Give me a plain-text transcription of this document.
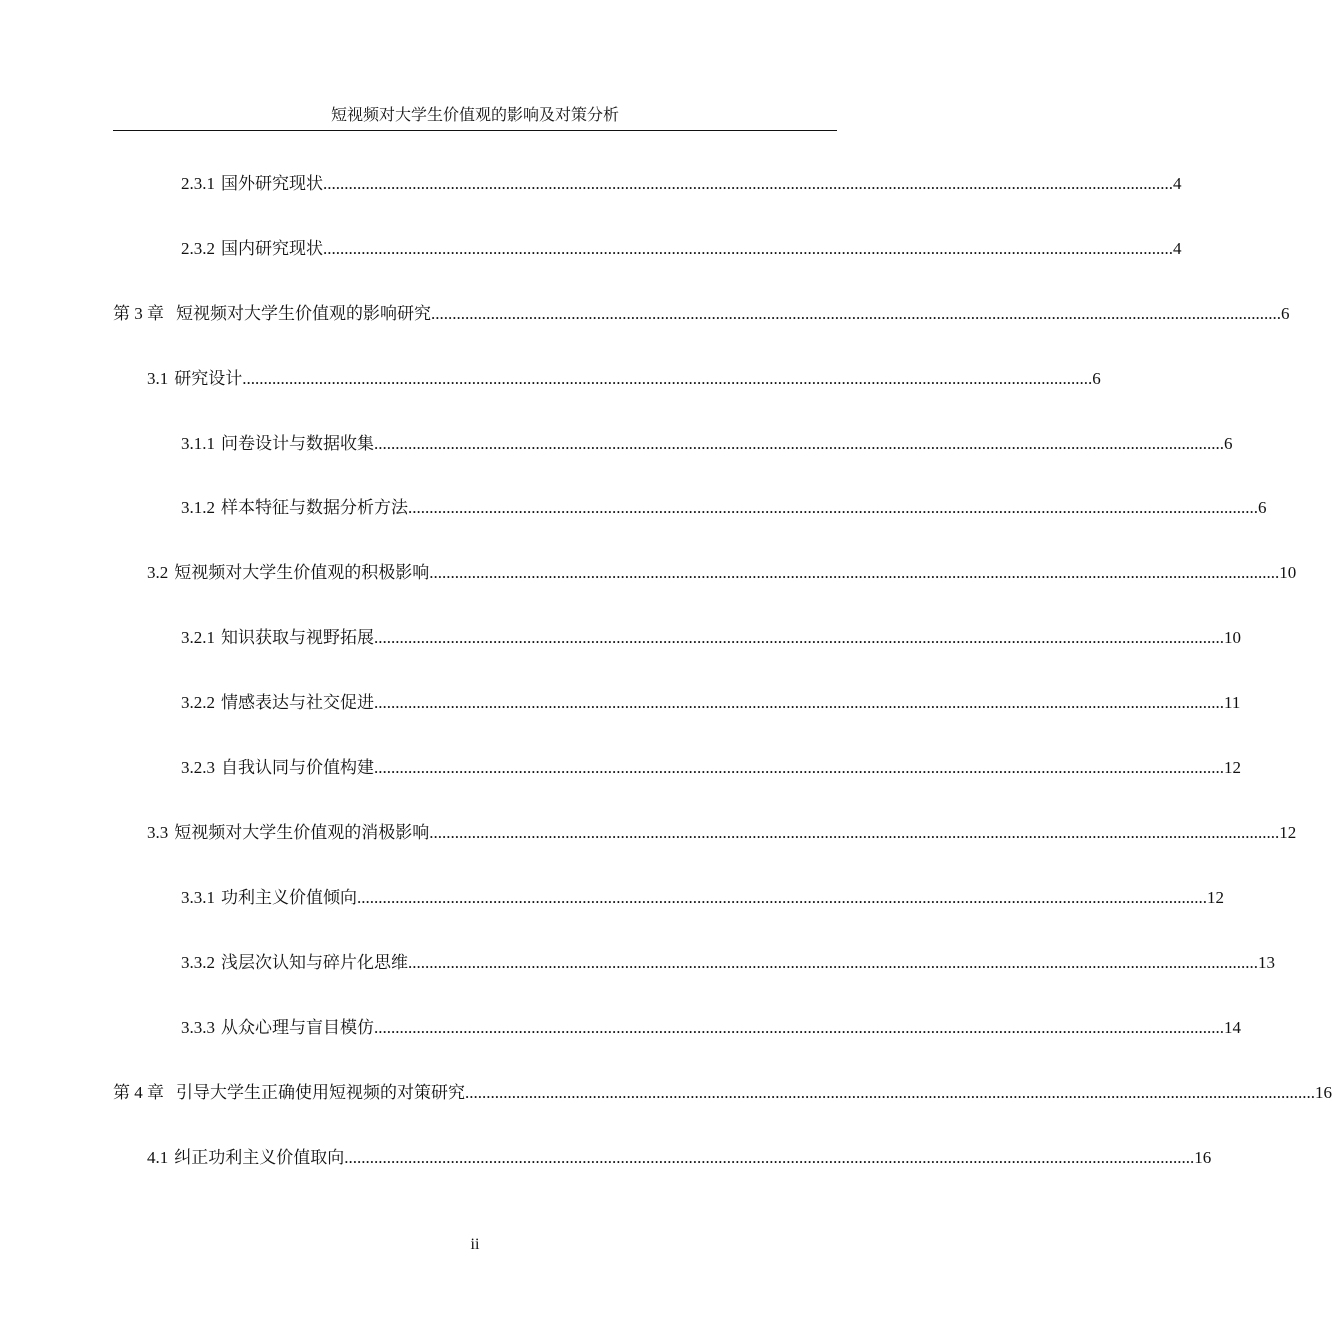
短视频对大学生价值观的影响及对策分析
2.3.1 国外研究现状 ........................................................................................................................................................................................................ 4
2.3.2 国内研究现状 ........................................................................................................................................................................................................ 4
第 3 章 短视频对大学生价值观的影响研究 ........................................................................................................................................................................................................ 6
3.1 研究设计 ........................................................................................................................................................................................................ 6
3.1.1 问卷设计与数据收集 ........................................................................................................................................................................................................ 6
3.1.2 样本特征与数据分析方法 ........................................................................................................................................................................................................ 6
3.2 短视频对大学生价值观的积极影响 ........................................................................................................................................................................................................ 10
3.2.1 知识获取与视野拓展 ........................................................................................................................................................................................................ 10
3.2.2 情感表达与社交促进 ........................................................................................................................................................................................................ 11
3.2.3 自我认同与价值构建 ........................................................................................................................................................................................................ 12
3.3 短视频对大学生价值观的消极影响 ........................................................................................................................................................................................................ 12
3.3.1 功利主义价值倾向 ........................................................................................................................................................................................................ 12
3.3.2 浅层次认知与碎片化思维 ........................................................................................................................................................................................................ 13
3.3.3 从众心理与盲目模仿 ........................................................................................................................................................................................................ 14
第 4 章 引导大学生正确使用短视频的对策研究 ........................................................................................................................................................................................................ 16
4.1 纠正功利主义价值取向 ........................................................................................................................................................................................................ 16
ii
